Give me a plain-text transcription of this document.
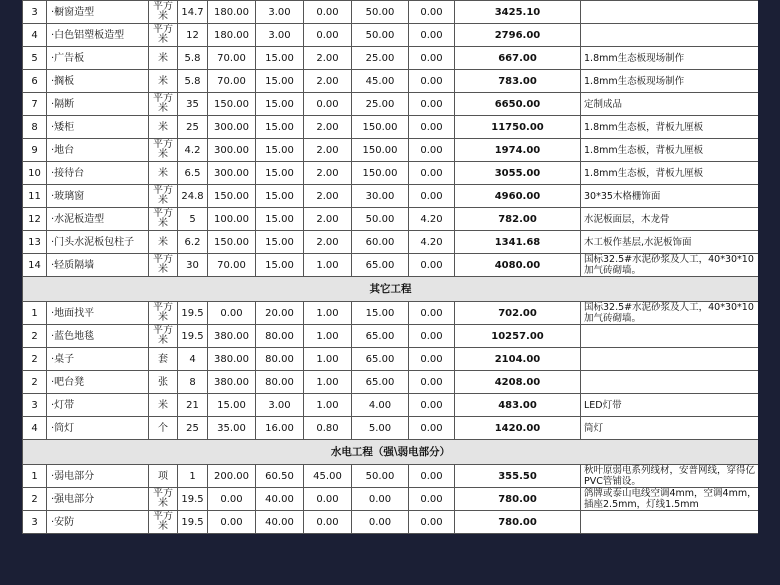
3	·橱窗造型	平方米	14.7	180.00	3.00	0.00	50.00	0.00	3425.10	
4	·白色铝塑板造型	平方米	12	180.00	3.00	0.00	50.00	0.00	2796.00	
5	·广告板	米	5.8	70.00	15.00	2.00	25.00	0.00	667.00	1.8mm生态板现场制作
6	·搁板	米	5.8	70.00	15.00	2.00	45.00	0.00	783.00	1.8mm生态板现场制作
7	·隔断	平方米	35	150.00	15.00	0.00	25.00	0.00	6650.00	定制成品
8	·矮柜	米	25	300.00	15.00	2.00	150.00	0.00	11750.00	1.8mm生态板，背板九厘板
9	·地台	平方米	4.2	300.00	15.00	2.00	150.00	0.00	1974.00	1.8mm生态板，背板九厘板
10	·接待台	米	6.5	300.00	15.00	2.00	150.00	0.00	3055.00	1.8mm生态板，背板九厘板
11	·玻璃窗	平方米	24.8	150.00	15.00	2.00	30.00	0.00	4960.00	30*35木格栅饰面
12	·水泥板造型	平方米	5	100.00	15.00	2.00	50.00	4.20	782.00	水泥板面层，木龙骨
13	·门头水泥板包柱子	米	6.2	150.00	15.00	2.00	60.00	4.20	1341.68	木工板作基层,水泥板饰面
14	·轻质隔墙	平方米	30	70.00	15.00	1.00	65.00	0.00	4080.00	国标32.5#水泥砂浆及人工，40*30*10加气砖砌墙。
其它工程										
1	·地面找平	平方米	19.5	0.00	20.00	1.00	15.00	0.00	702.00	国标32.5#水泥砂浆及人工，40*30*10加气砖砌墙。
2	·蓝色地毯	平方米	19.5	380.00	80.00	1.00	65.00	0.00	10257.00	
2	·桌子	套	4	380.00	80.00	1.00	65.00	0.00	2104.00	
2	·吧台凳	张	8	380.00	80.00	1.00	65.00	0.00	4208.00	
3	·灯带	米	21	15.00	3.00	1.00	4.00	0.00	483.00	LED灯带
4	·筒灯	个	25	35.00	16.00	0.80	5.00	0.00	1420.00	筒灯
水电工程（强\弱电部分）										
1	·弱电部分	项	1	200.00	60.50	45.00	50.00	0.00	355.50	秋叶原弱电系列线材，安普网线，穿得亿PVC管铺设。
2	·强电部分	平方米	19.5	0.00	40.00	0.00	0.00	0.00	780.00	鸽牌或泰山电线空调4mm，空调4mm，插座2.5mm，灯线1.5mm
3	·安防	平方米	19.5	0.00	40.00	0.00	0.00	0.00	780.00	
